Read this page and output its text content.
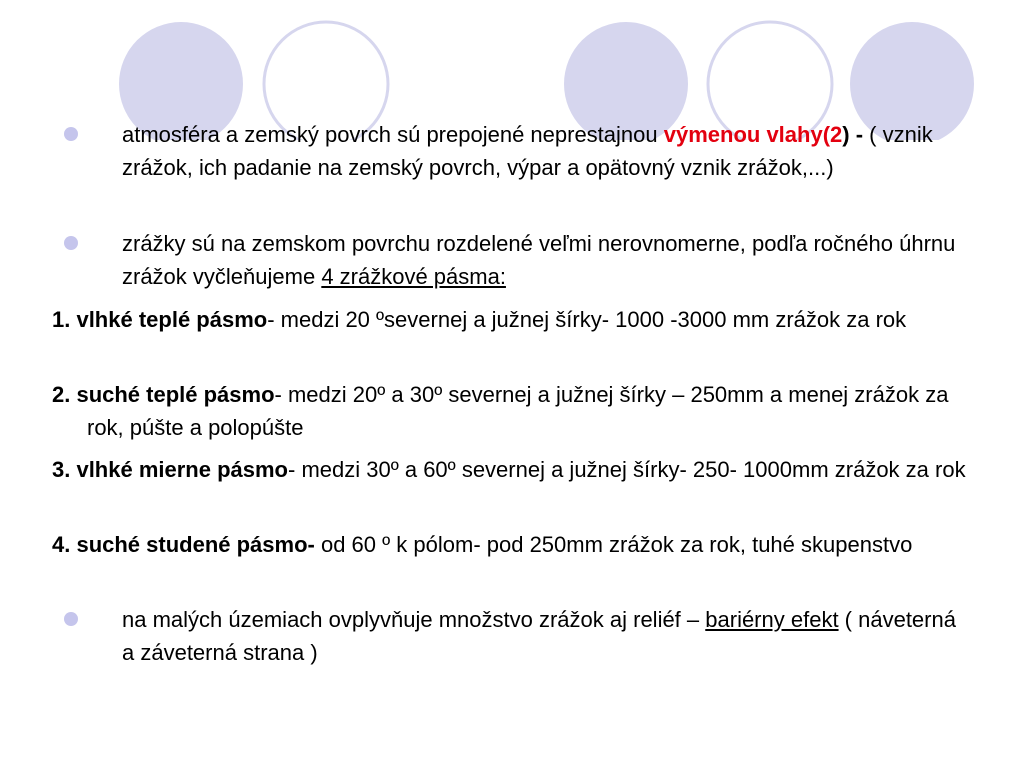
atmosféra a zemský povrch sú prepojené neprestajnou výmenou vlahy(2) - ( vznik zrážok, ich padanie na zemský povrch, výpar a opätovný vznik zrážok,...)
zrážky sú na zemskom povrchu rozdelené veľmi nerovnomerne, podľa ročného úhrnu zrážok vyčleňujeme 4 zrážkové pásma:
1. vlhké teplé pásmo- medzi 20 ºsevernej a južnej šírky- 1000 -3000 mm zrážok za rok
2. suché teplé pásmo- medzi 20º a 30º severnej a južnej šírky – 250mm a menej zrážok za rok, púšte a polopúšte
3. vlhké mierne pásmo- medzi 30º a 60º severnej a južnej šírky- 250- 1000mm zrážok za rok
4. suché studené pásmo- od 60 º k pólom- pod 250mm zrážok za rok, tuhé skupenstvo
na malých územiach ovplyvňuje množstvo zrážok aj reliéf – bariérny efekt ( náveterná a záveterná strana )
